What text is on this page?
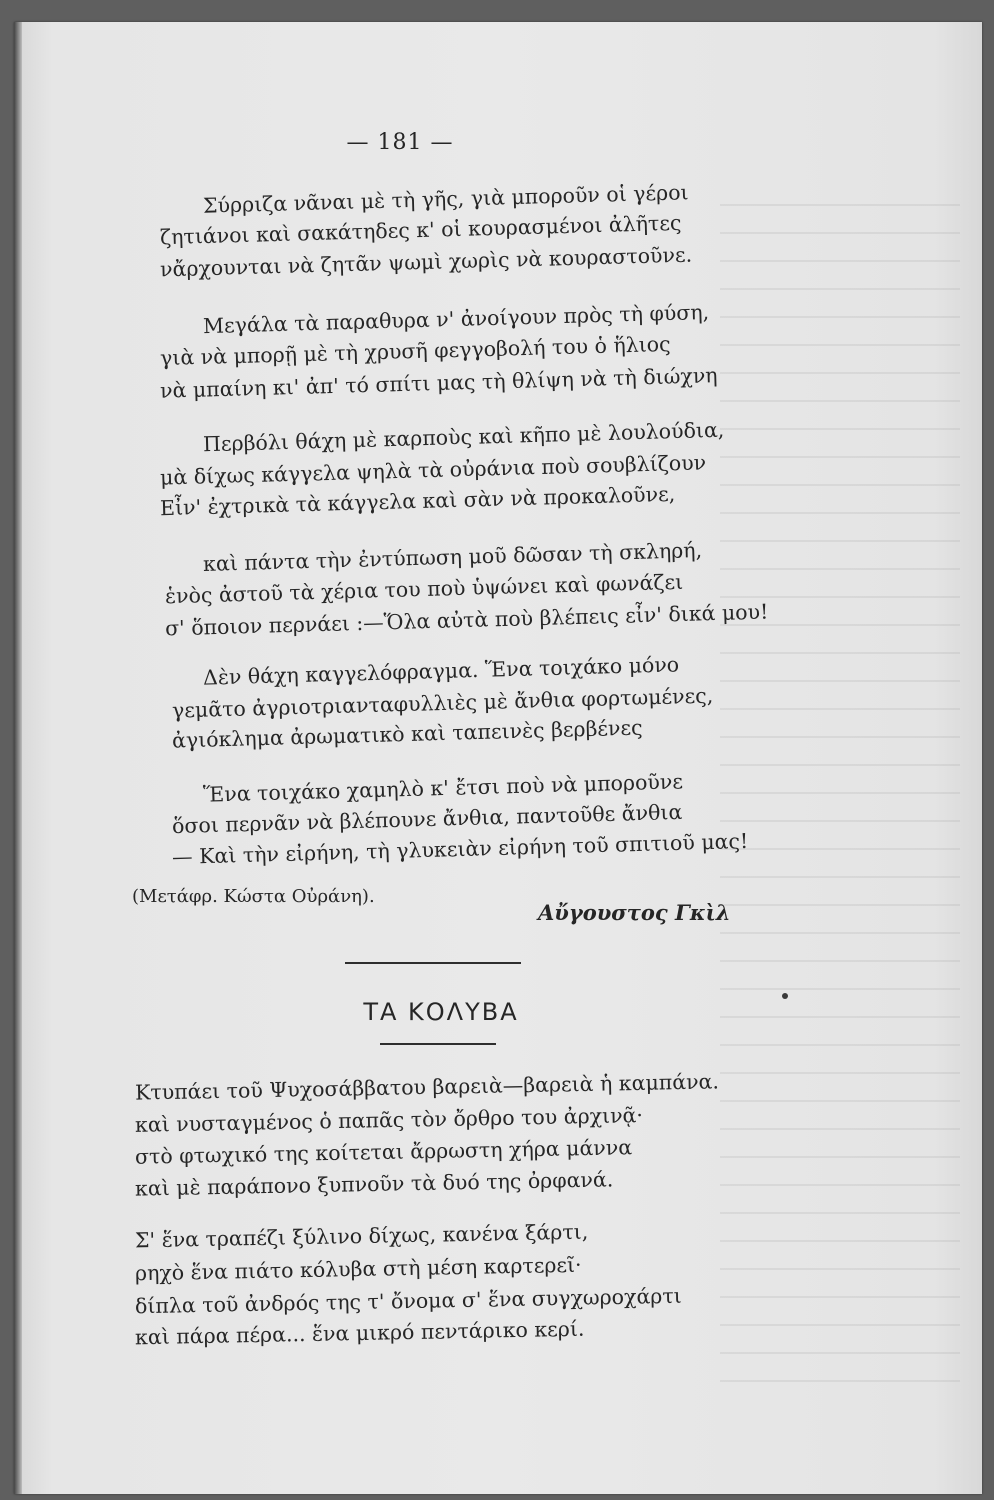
— 181 —
Σύρριζα νᾶναι μὲ τὴ γῆς, γιὰ μποροῦν οἱ γέροι
ζητιάνοι καὶ σακάτηδες κ' οἱ κουρασμένοι ἀλῆτες
νἄρχουνται νὰ ζητᾶν ψωμὶ χωρὶς νὰ κουραστοῦνε.
Μεγάλα τὰ παραθυρα ν' ἀνοίγουν πρὸς τὴ φύση,
γιὰ νὰ μπορῇ μὲ τὴ χρυσῆ φεγγοβολή του ὁ ἥλιος
νὰ μπαίνη κι' ἀπ' τό σπίτι μας τὴ θλίψη νὰ τὴ διώχνη
Περβόλι θάχη μὲ καρποὺς καὶ κῆπο μὲ λουλούδια,
μὰ δίχως κάγγελα ψηλὰ τὰ οὐράνια ποὺ σουβλίζουν
Εἶν' ἐχτρικὰ τὰ κάγγελα καὶ σὰν νὰ προκαλοῦνε,
καὶ πάντα τὴν ἐντύπωση μοῦ δῶσαν τὴ σκληρή,
ἑνὸς ἀστοῦ τὰ χέρια του ποὺ ὑψώνει καὶ φωνάζει
σ' ὅποιον περνάει :—Ὅλα αὐτὰ ποὺ βλέπεις εἶν' δικά μου!
Δὲν θάχη καγγελόφραγμα. Ἕνα τοιχάκο μόνο
γεμᾶτο ἀγριοτριανταφυλλιὲς μὲ ἄνθια φορτωμένες,
ἀγιόκλημα ἀρωματικὸ καὶ ταπεινὲς βερβένες
Ἕνα τοιχάκο χαμηλὸ κ' ἔτσι ποὺ νὰ μποροῦνε
ὅσοι περνᾶν νὰ βλέπουνε ἄνθια, παντοῦθε ἄνθια
— Καὶ τὴν εἰρήνη, τὴ γλυκειὰν εἰρήνη τοῦ σπιτιοῦ μας!
(Μετάφρ. Κώστα Οὐράνη).
Αὔγουστος Γκὶλ
ΤΑ ΚΟΛΥΒΑ
Κτυπάει τοῦ Ψυχοσάββατου βαρειὰ—βαρειὰ ἡ καμπάνα.
καὶ νυσταγμένος ὁ παπᾶς τὸν ὄρθρο του ἀρχινᾷ·
στὸ φτωχικό της κοίτεται ἄρρωστη χήρα μάννα
καὶ μὲ παράπονο ξυπνοῦν τὰ δυό της ὀρφανά.
Σ' ἕνα τραπέζι ξύλινο δίχως, κανένα ξάρτι,
ρηχὸ ἕνα πιάτο κόλυβα στὴ μέση καρτερεῖ·
δίπλα τοῦ ἀνδρός της τ' ὄνομα σ' ἕνα συγχωροχάρτι
καὶ πάρα πέρα... ἕνα μικρό πεντάρικο κερί.
